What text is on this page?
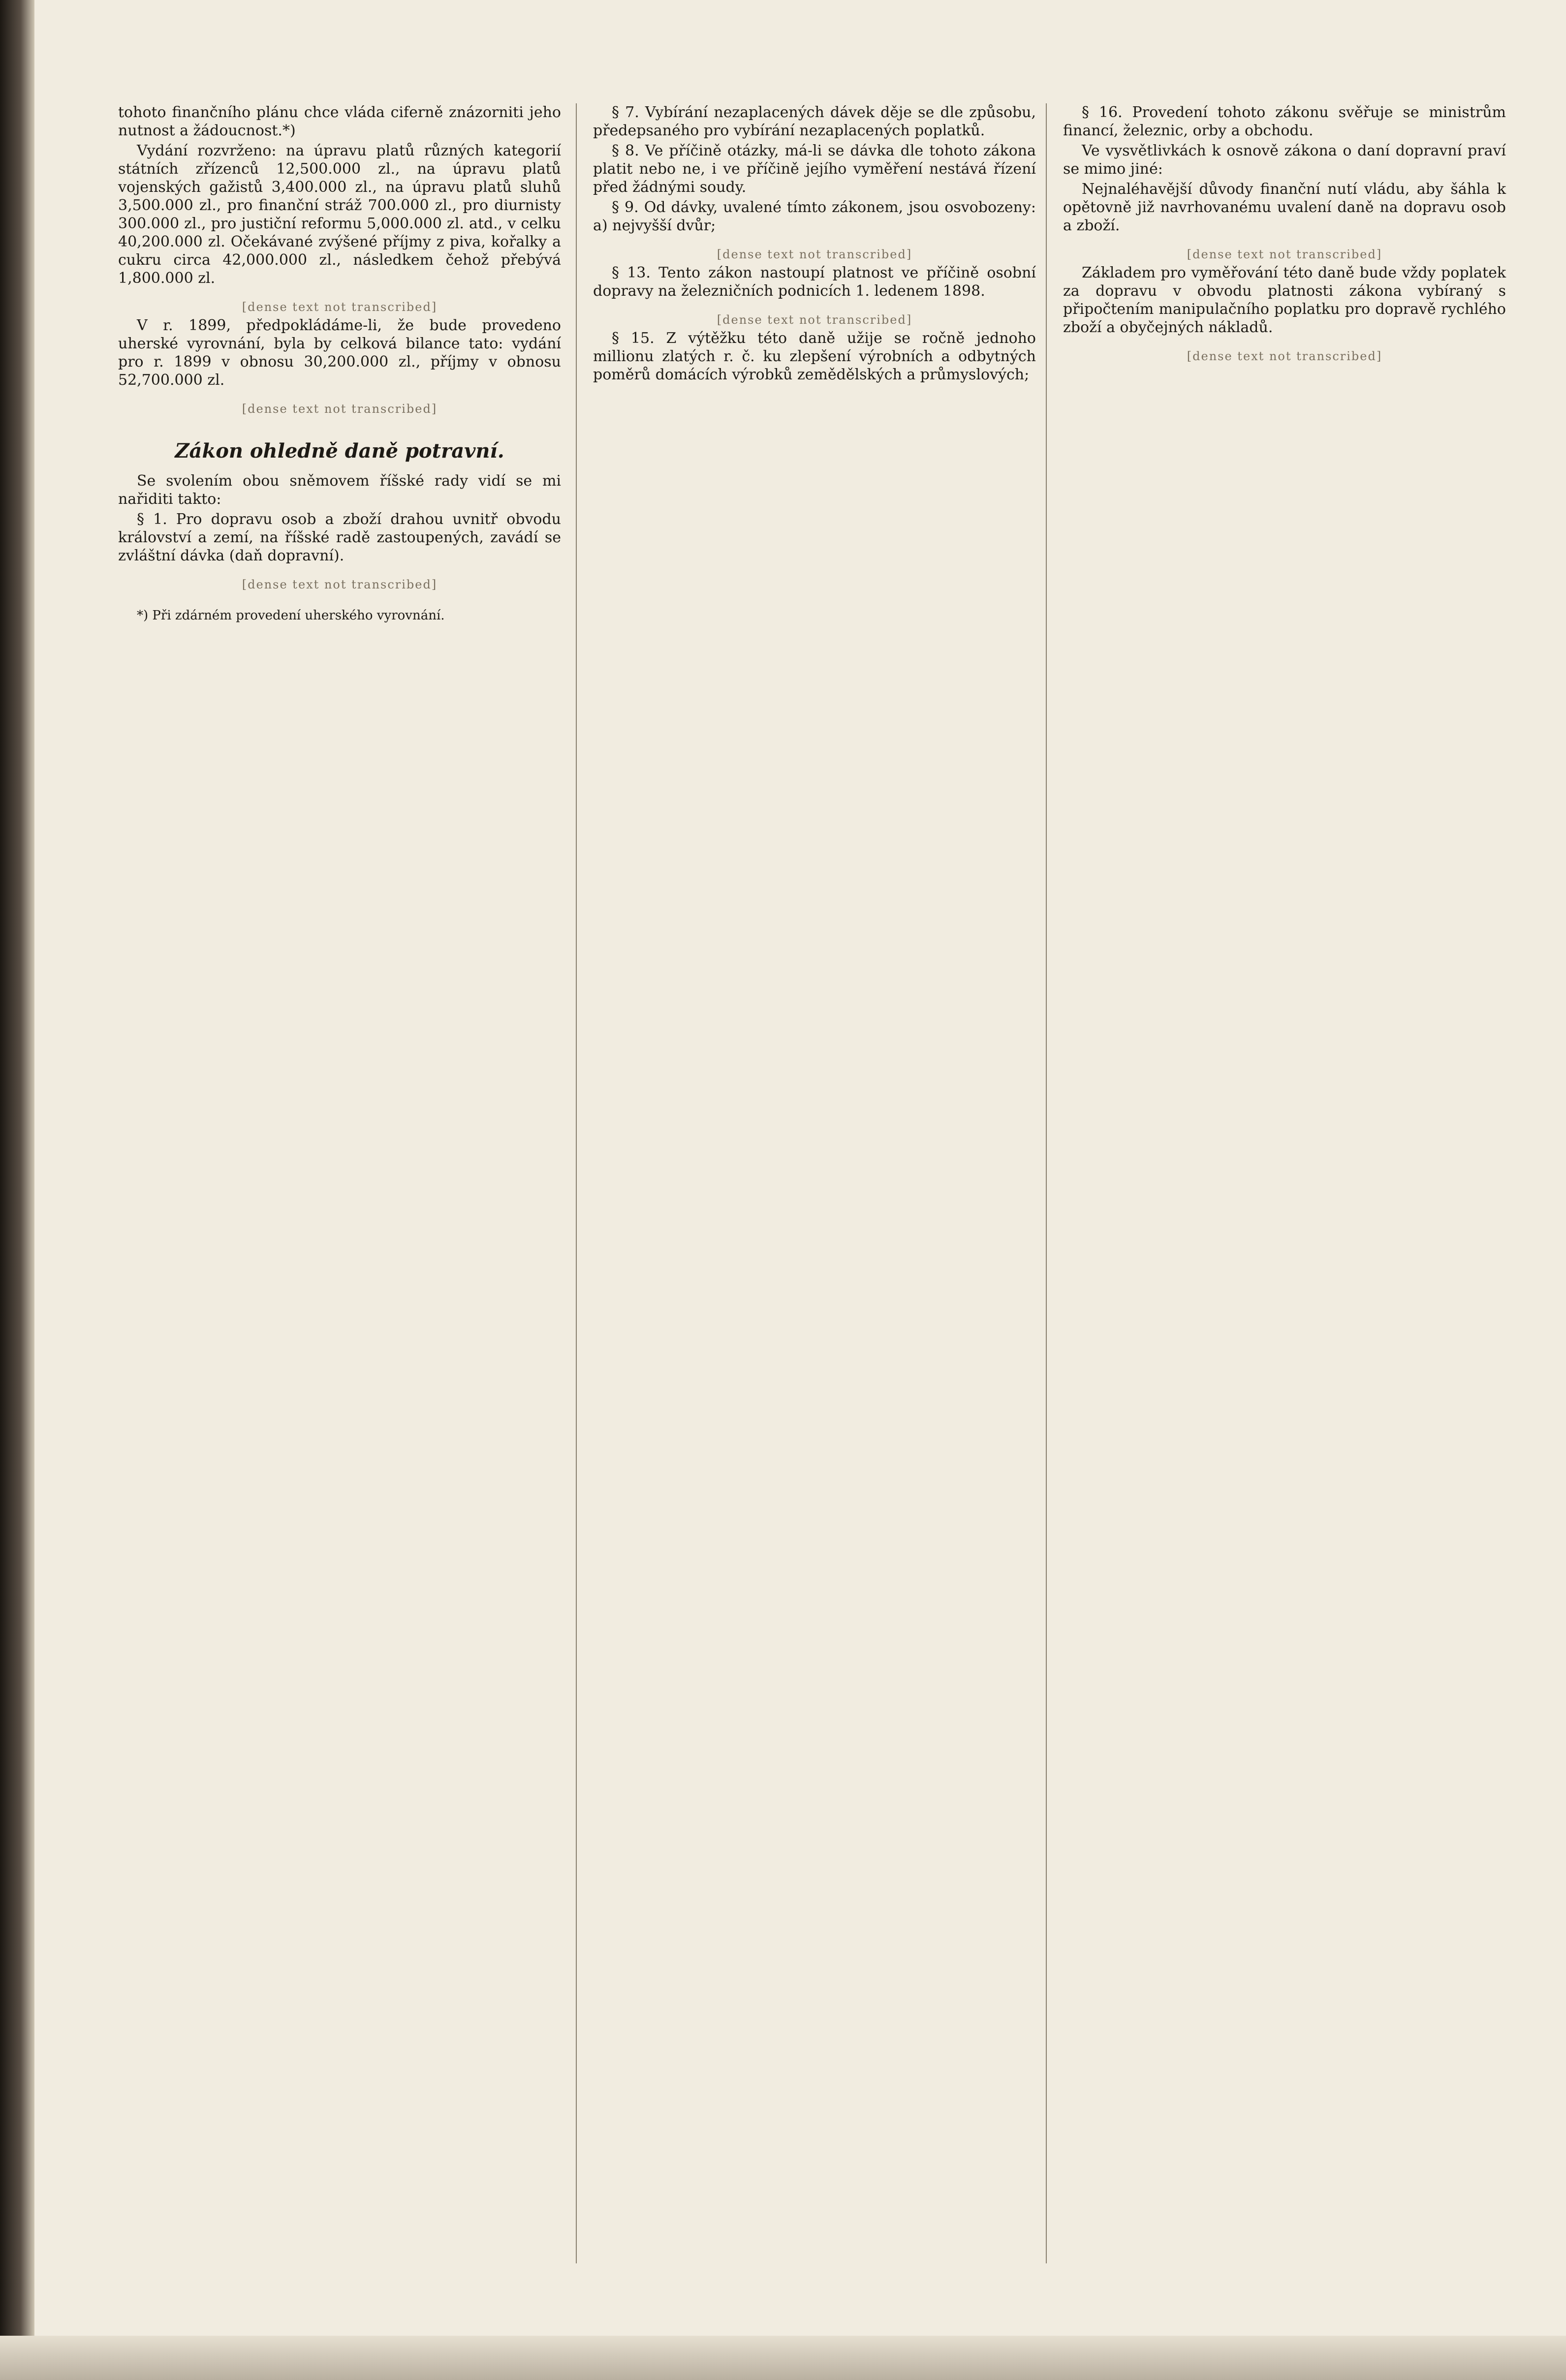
tohoto finančního plánu chce vláda ciferně znázorniti jeho nutnost a žádoucnost.*)

Vydání rozvrženo: na úpravu platů různých kategorií státních zřízenců 12,500.000 zl., na úpravu platů vojenských gažistů 3,400.000 zl., na úpravu platů sluhů 3,500.000 zl., pro finanční stráž 700.000 zl., pro diurnisty 300.000 zl., pro justiční reformu 5,000.000 zl. atd., v celku 40,200.000 zl. Očekávané zvýšené příjmy z piva, kořalky a cukru circa 42,000.000 zl., následkem čehož přebývá 1,800.000 zl.

[dense text not transcribed]

V r. 1899, předpokládáme-li, že bude provedeno uherské vyrovnání, byla by celková bilance tato: vydání pro r. 1899 v obnosu 30,200.000 zl., příjmy v obnosu 52,700.000 zl.

[dense text not transcribed]
Zákon ohledně daně potravní.

Se svolením obou sněmovem říšské rady vidí se mi nařiditi takto:

§ 1. Pro dopravu osob a zboží drahou uvnitř obvodu království a zemí, na říšské radě zastoupených, zavádí se zvláštní dávka (daň dopravní).

[dense text not transcribed]

*) Při zdárném provedení uherského vyrovnání.

§ 7. Vybírání nezaplacených dávek děje se dle způsobu, předepsaného pro vybírání nezaplacených poplatků.

§ 8. Ve příčině otázky, má-li se dávka dle tohoto zákona platit nebo ne, i ve příčině jejího vyměření nestává řízení před žádnými soudy.

§ 9. Od dávky, uvalené tímto zákonem, jsou osvobozeny: a) nejvyšší dvůr;

[dense text not transcribed]

§ 13. Tento zákon nastoupí platnost ve příčině osobní dopravy na železničních podnicích 1. ledenem 1898.

[dense text not transcribed]

§ 15. Z výtěžku této daně užije se ročně jednoho millionu zlatých r. č. ku zlepšení výrobních a odbytných poměrů domácích výrobků zemědělských a průmyslových;

§ 16. Provedení tohoto zákonu svěřuje se ministrům financí, železnic, orby a obchodu.

Ve vysvětlivkách k osnově zákona o daní dopravní praví se mimo jiné:

Nejnaléhavější důvody finanční nutí vládu, aby šáhla k opětovně již navrhovanému uvalení daně na dopravu osob a zboží.

[dense text not transcribed]

Základem pro vyměřování této daně bude vždy poplatek za dopravu v obvodu platnosti zákona vybíraný s připočtením manipulačního poplatku pro dopravě rychlého zboží a obyčejných nákladů.

[dense text not transcribed]
